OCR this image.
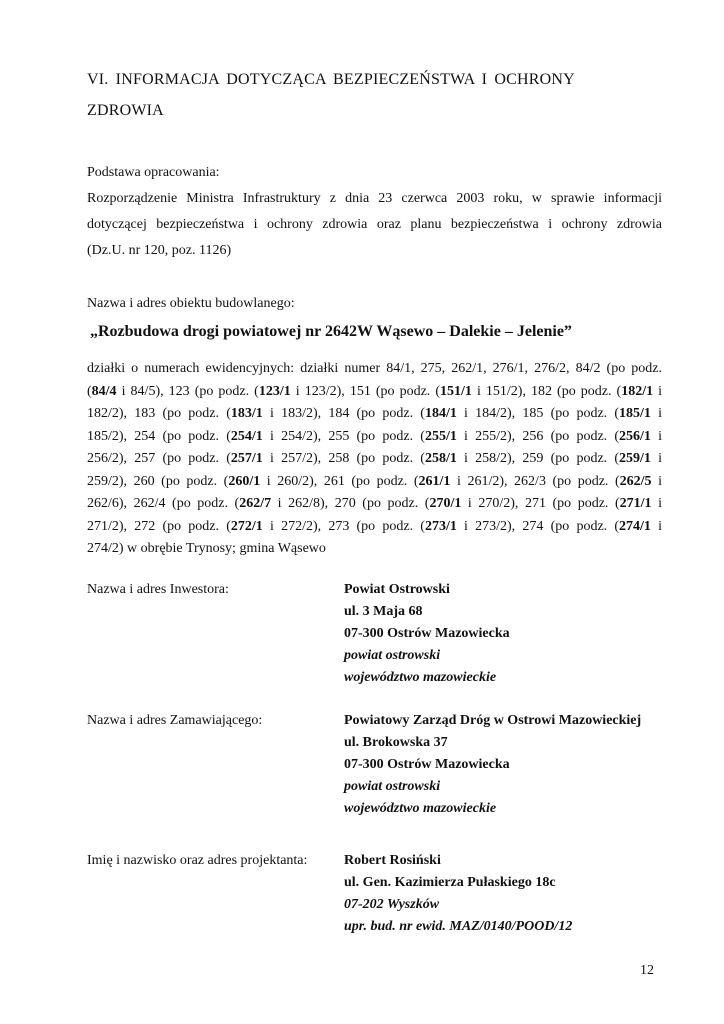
VI. INFORMACJA DOTYCZĄCA BEZPIECZEŃSTWA I OCHRONY
ZDROWIA
Podstawa opracowania:
Rozporządzenie Ministra Infrastruktury z dnia 23 czerwca 2003 roku, w sprawie informacji
dotyczącej bezpieczeństwa i ochrony zdrowia oraz planu bezpieczeństwa i ochrony zdrowia
(Dz.U. nr 120, poz. 1126)
Nazwa i adres obiektu budowlanego:
„Rozbudowa drogi powiatowej nr 2642W Wąsewo – Dalekie – Jelenie”
działki o numerach ewidencyjnych: działki numer 84/1, 275, 262/1, 276/1, 276/2, 84/2 (po podz.
(84/4 i 84/5), 123 (po podz. (123/1 i 123/2), 151 (po podz. (151/1 i 151/2), 182 (po podz. (182/1 i
182/2), 183 (po podz. (183/1 i 183/2), 184 (po podz. (184/1 i 184/2), 185 (po podz. (185/1 i
185/2), 254 (po podz. (254/1 i 254/2), 255 (po podz. (255/1 i 255/2), 256 (po podz. (256/1 i
256/2), 257 (po podz. (257/1 i 257/2), 258 (po podz. (258/1 i 258/2), 259 (po podz. (259/1 i
259/2), 260 (po podz. (260/1 i 260/2), 261 (po podz. (261/1 i 261/2), 262/3 (po podz. (262/5 i
262/6), 262/4 (po podz. (262/7 i 262/8), 270 (po podz. (270/1 i 270/2), 271 (po podz. (271/1 i
271/2), 272 (po podz. (272/1 i 272/2), 273 (po podz. (273/1 i 273/2), 274 (po podz. (274/1 i
274/2) w obrębie Trynosy; gmina Wąsewo
Nazwa i adres Inwestora:	Powiat Ostrowski
ul. 3 Maja 68
07-300 Ostrów Mazowiecka
powiat ostrowski
województwo mazowieckie
Nazwa i adres Zamawiającego:	Powiatowy Zarząd Dróg w Ostrowi Mazowieckiej
ul. Brokowska 37
07-300 Ostrów Mazowiecka
powiat ostrowski
województwo mazowieckie
Imię i nazwisko oraz adres projektanta:	Robert Rosiński
ul. Gen. Kazimierza Pułaskiego 18c
07-202 Wyszków
upr. bud. nr ewid. MAZ/0140/POOD/12
12
